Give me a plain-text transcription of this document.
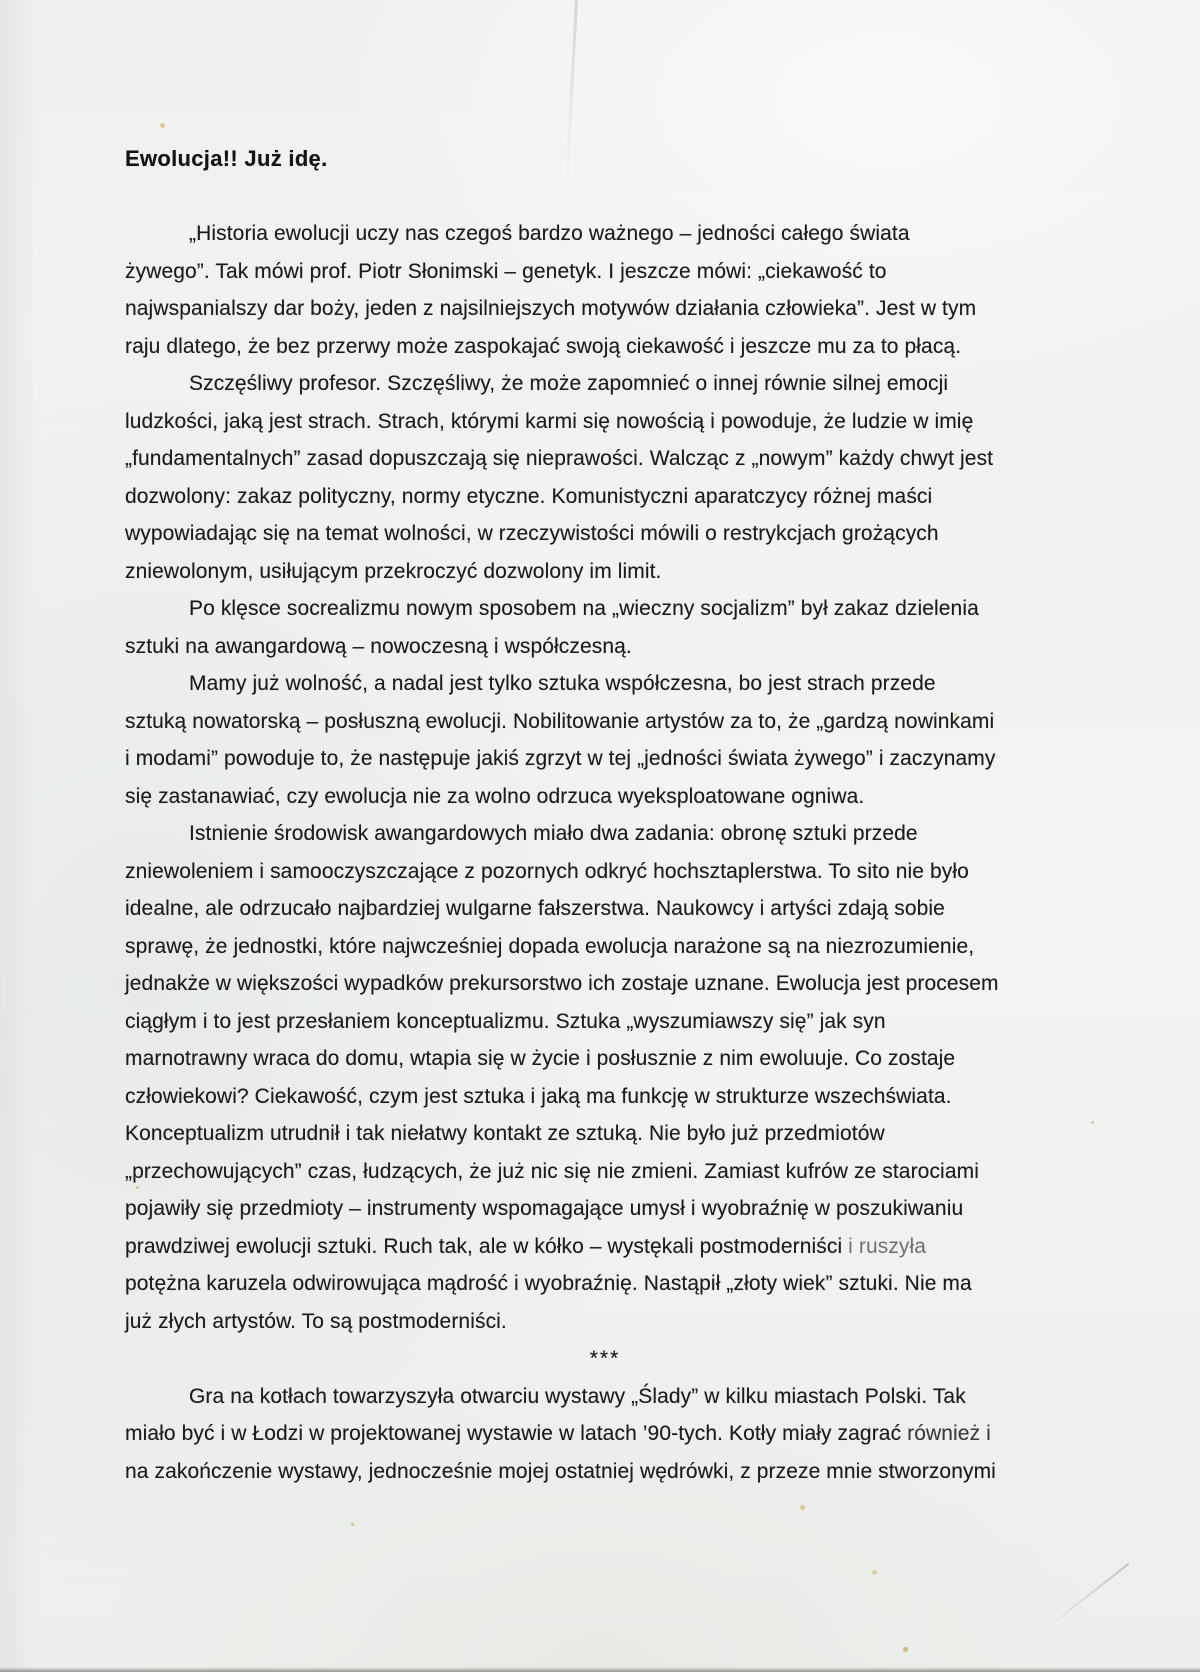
Ewolucja!! Już idę.
„Historia ewolucji uczy nas czegoś bardzo ważnego – jedności całego świata
żywego”. Tak mówi prof. Piotr Słonimski – genetyk. I jeszcze mówi: „ciekawość to
najwspanialszy dar boży, jeden z najsilniejszych motywów działania człowieka”. Jest w tym
raju dlatego, że bez przerwy może zaspokajać swoją ciekawość i jeszcze mu za to płacą.
Szczęśliwy profesor. Szczęśliwy, że może zapomnieć o innej równie silnej emocji
ludzkości, jaką jest strach. Strach, którymi karmi się nowością i powoduje, że ludzie w imię
„fundamentalnych” zasad dopuszczają się nieprawości. Walcząc z „nowym” każdy chwyt jest
dozwolony: zakaz polityczny, normy etyczne. Komunistyczni aparatczycy różnej maści
wypowiadając się na temat wolności, w rzeczywistości mówili o restrykcjach grożących
zniewolonym, usiłującym przekroczyć dozwolony im limit.
Po klęsce socrealizmu nowym sposobem na „wieczny socjalizm” był zakaz dzielenia
sztuki na awangardową – nowoczesną i współczesną.
Mamy już wolność, a nadal jest tylko sztuka współczesna, bo jest strach przede
sztuką nowatorską – posłuszną ewolucji. Nobilitowanie artystów za to, że „gardzą nowinkami
i modami” powoduje to, że następuje jakiś zgrzyt w tej „jedności świata żywego” i zaczynamy
się zastanawiać, czy ewolucja nie za wolno odrzuca wyeksploatowane ogniwa.
Istnienie środowisk awangardowych miało dwa zadania: obronę sztuki przede
zniewoleniem i samooczyszczające z pozornych odkryć hochsztaplerstwa. To sito nie było
idealne, ale odrzucało najbardziej wulgarne fałszerstwa. Naukowcy i artyści zdają sobie
sprawę, że jednostki, które najwcześniej dopada ewolucja narażone są na niezrozumienie,
jednakże w większości wypadków prekursorstwo ich zostaje uznane. Ewolucja jest procesem
ciągłym i to jest przesłaniem konceptualizmu. Sztuka „wyszumiawszy się” jak syn
marnotrawny wraca do domu, wtapia się w życie i posłusznie z nim ewoluuje. Co zostaje
człowiekowi? Ciekawość, czym jest sztuka i jaką ma funkcję w strukturze wszechświata.
Konceptualizm utrudnił i tak niełatwy kontakt ze sztuką. Nie było już przedmiotów
„przechowujących” czas, łudzących, że już nic się nie zmieni. Zamiast kufrów ze starociami
pojawiły się przedmioty – instrumenty wspomagające umysł i wyobraźnię w poszukiwaniu
prawdziwej ewolucji sztuki. Ruch tak, ale w kółko – wystękali postmoderniści i ruszyła
potężna karuzela odwirowująca mądrość i wyobraźnię. Nastąpił „złoty wiek” sztuki. Nie ma
już złych artystów. To są postmoderniści.
***
Gra na kotłach towarzyszyła otwarciu wystawy „Ślady” w kilku miastach Polski. Tak
miało być i w Łodzi w projektowanej wystawie w latach ’90-tych. Kotły miały zagrać również i
na zakończenie wystawy, jednocześnie mojej ostatniej wędrówki, z przeze mnie stworzonymi
